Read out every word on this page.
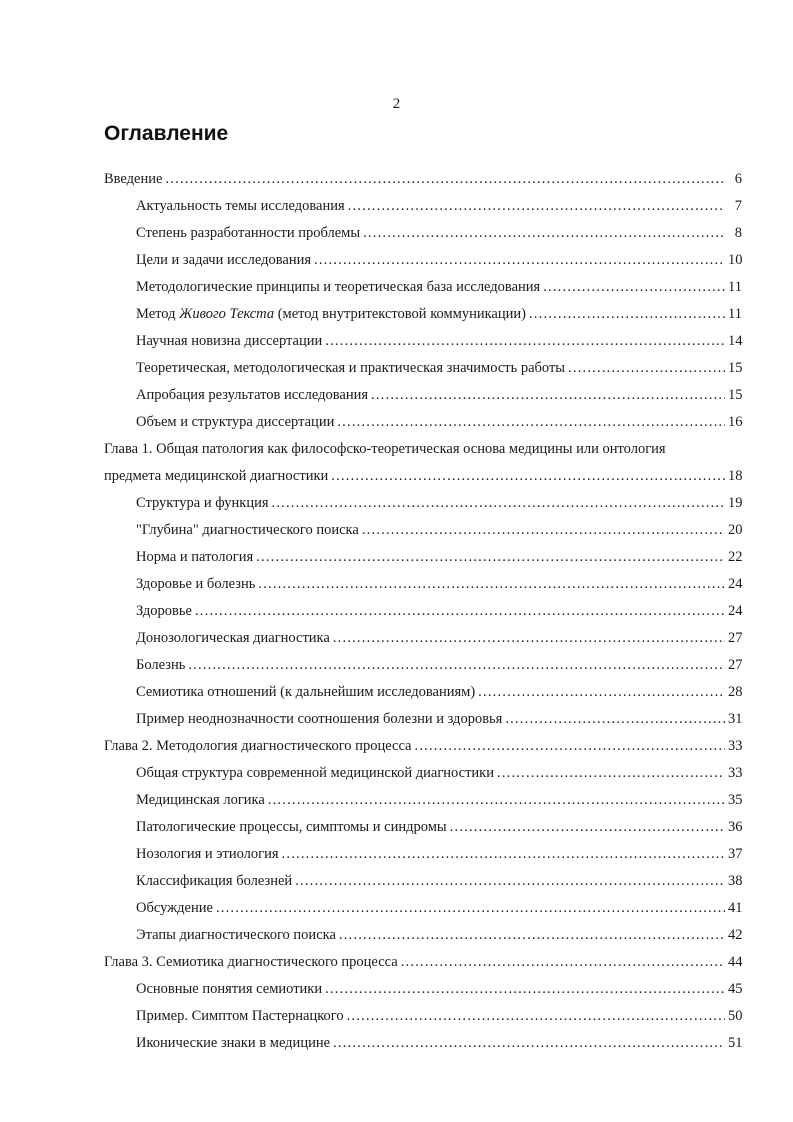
2
Оглавление
Введение .....	6
Актуальность темы исследования .....	7
Степень разработанности проблемы .....	8
Цели и задачи исследования .....	10
Методологические принципы и теоретическая база исследования .....	11
Метод Живого Текста (метод внутритекстовой коммуникации) .....	11
Научная новизна диссертации .....	14
Теоретическая, методологическая и практическая значимость работы .....	15
Апробация результатов исследования .....	15
Объем и структура диссертации .....	16
Глава 1. Общая патология как философско-теоретическая основа медицины или онтология
предмета медицинской диагностики .....	18
Структура и функция .....	19
"Глубина" диагностического поиска .....	20
Норма и патология .....	22
Здоровье и болезнь .....	24
Здоровье .....	24
Донозологическая диагностика .....	27
Болезнь .....	27
Семиотика отношений (к дальнейшим исследованиям) .....	28
Пример неоднозначности соотношения болезни и здоровья .....	31
Глава 2. Методология диагностического процесса .....	33
Общая структура современной медицинской диагностики .....	33
Медицинская логика .....	35
Патологические процессы, симптомы и синдромы .....	36
Нозология и этиология .....	37
Классификация болезней .....	38
Обсуждение .....	41
Этапы диагностического поиска .....	42
Глава 3. Семиотика диагностического процесса .....	44
Основные понятия семиотики .....	45
Пример. Симптом Пастернацкого .....	50
Иконические знаки в медицине .....	51
